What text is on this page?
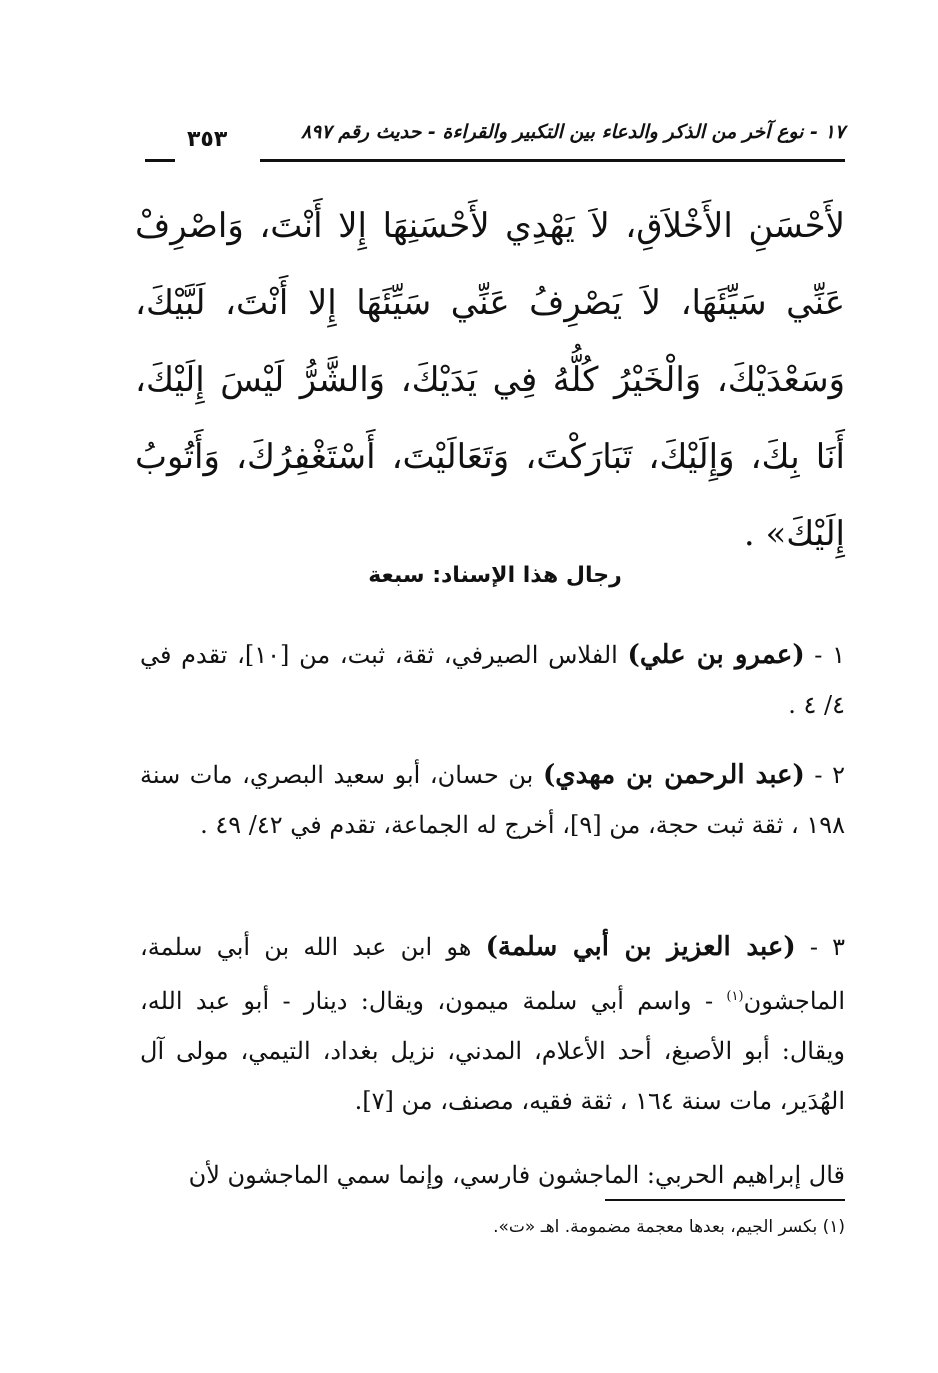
١٧ - نوع آخر من الذكر والدعاء بين التكبير والقراءة - حديث رقم ٨٩٧
٣٥٣
لأَحْسَنِ الأَخْلاَقِ، لاَ يَهْدِي لأَحْسَنِهَا إِلا أَنْتَ، وَاصْرِفْ عَنِّي سَيِّئَهَا، لاَ يَصْرِفُ عَنِّي سَيِّئَهَا إِلا أَنْتَ، لَبَّيْكَ، وَسَعْدَيْكَ، وَالْخَيْرُ كُلُّهُ فِي يَدَيْكَ، وَالشَّرُّ لَيْسَ إِلَيْكَ، أَنَا بِكَ، وَإِلَيْكَ، تَبَارَكْتَ، وَتَعَالَيْتَ، أَسْتَغْفِرُكَ، وَأَتُوبُ إِلَيْكَ» .
رجال هذا الإسناد: سبعة

١ - (عمرو بن علي) الفلاس الصيرفي، ثقة، ثبت، من [١٠]، تقدم في ٤/ ٤ .

٢ - (عبد الرحمن بن مهدي) بن حسان، أبو سعيد البصري، مات سنة ١٩٨ ، ثقة ثبت حجة، من [٩]، أخرج له الجماعة، تقدم في ٤٢/ ٤٩ .

٣ - (عبد العزيز بن أبي سلمة) هو ابن عبد الله بن أبي سلمة، الماجشون$^{(١)}$ - واسم أبي سلمة ميمون، ويقال: دينار - أبو عبد الله، ويقال: أبو الأصبغ، أحد الأعلام، المدني، نزيل بغداد، التيمي، مولى آل الهُدَير، مات سنة ١٦٤ ، ثقة فقيه، مصنف، من [٧].

قال إبراهيم الحربي: الماجشون فارسي، وإنما سمي الماجشون لأن

(١) بكسر الجيم، بعدها معجمة مضمومة. اهـ «ت».
